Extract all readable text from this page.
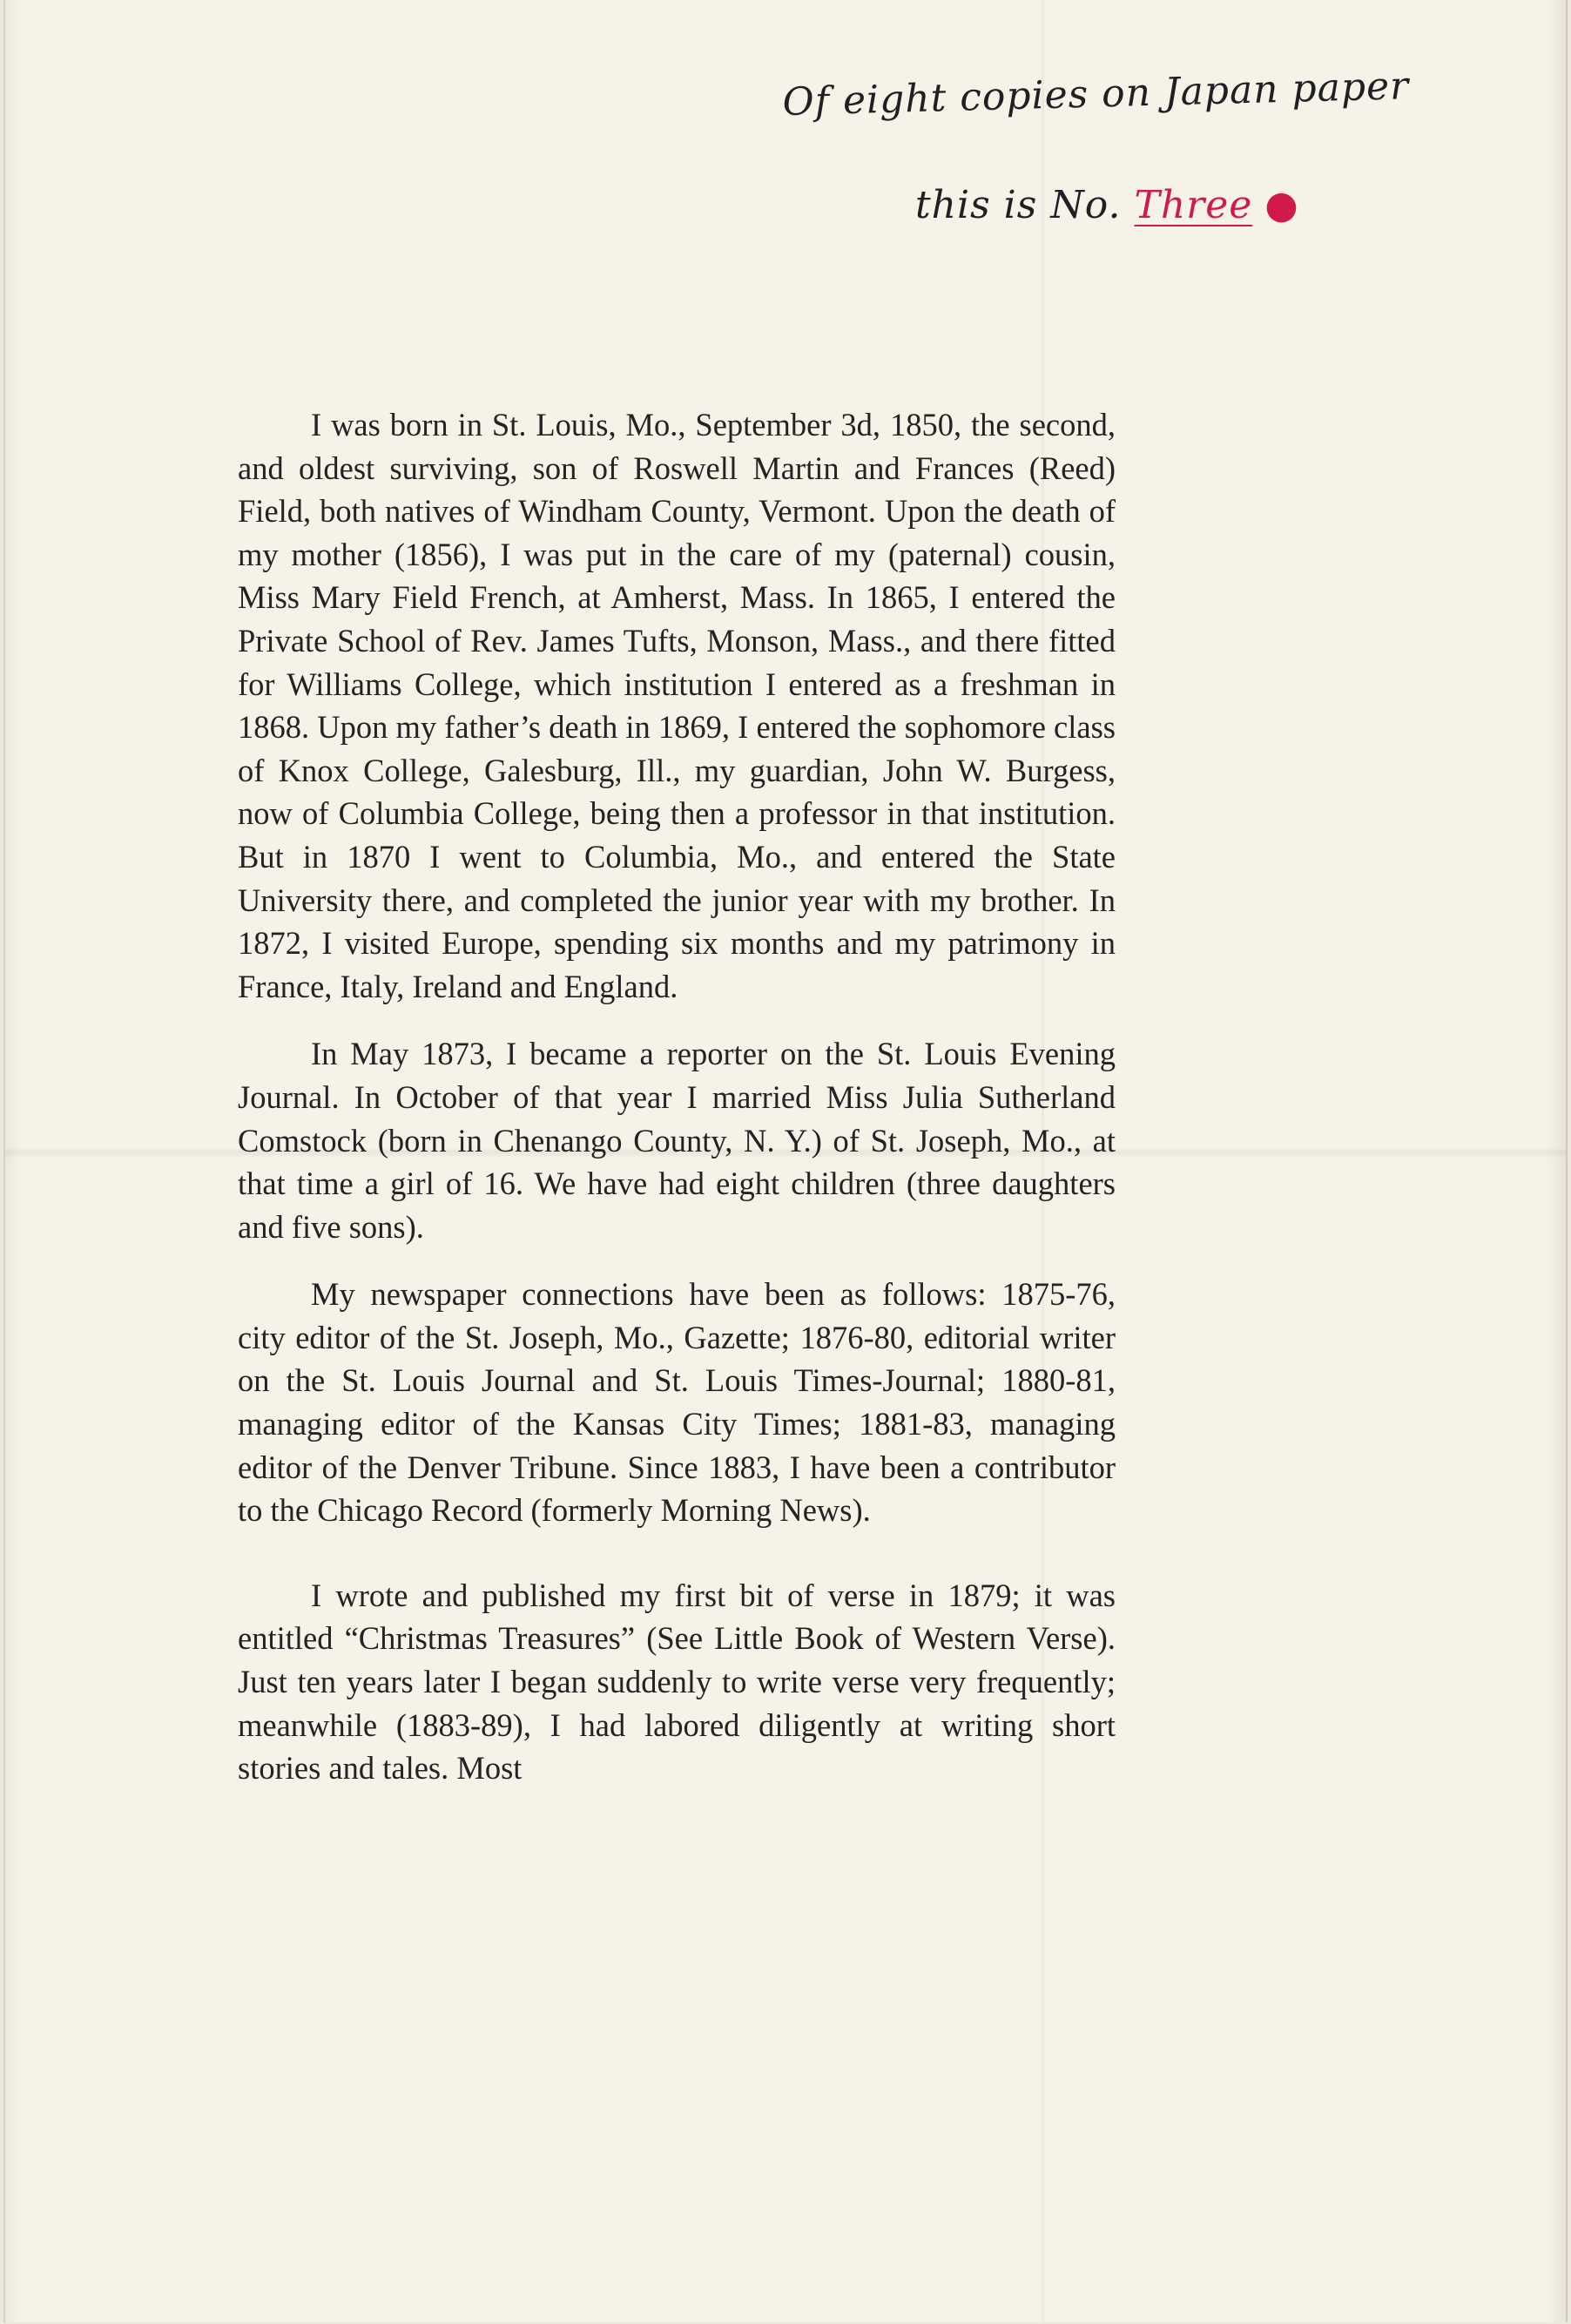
Of eight copies on Japan paper
this is No. Three ●

I was born in St. Louis, Mo., September 3d, 1850, the second, and oldest surviving, son of Roswell Martin and Frances (Reed) Field, both natives of Windham County, Vermont. Upon the death of my mother (1856), I was put in the care of my (paternal) cousin, Miss Mary Field French, at Amherst, Mass. In 1865, I entered the Private School of Rev. James Tufts, Monson, Mass., and there fitted for Williams College, which institution I entered as a freshman in 1868. Upon my father’s death in 1869, I entered the sophomore class of Knox College, Galesburg, Ill., my guardian, John W. Burgess, now of Columbia College, being then a professor in that institution. But in 1870 I went to Columbia, Mo., and entered the State University there, and completed the junior year with my brother. In 1872, I visited Europe, spending six months and my patrimony in France, Italy, Ireland and England.

In May 1873, I became a reporter on the St. Louis Evening Journal. In October of that year I married Miss Julia Sutherland Comstock (born in Chenango County, N. Y.) of St. Joseph, Mo., at that time a girl of 16. We have had eight children (three daughters and five sons).

My newspaper connections have been as follows: 1875-76, city editor of the St. Joseph, Mo., Gazette; 1876-80, editorial writer on the St. Louis Journal and St. Louis Times-Journal; 1880-81, managing editor of the Kansas City Times; 1881-83, managing editor of the Denver Tribune. Since 1883, I have been a contributor to the Chicago Record (formerly Morning News).

I wrote and published my first bit of verse in 1879; it was entitled “Christmas Treasures” (See Little Book of Western Verse). Just ten years later I began suddenly to write verse very frequently; meanwhile (1883-89), I had labored diligently at writing short stories and tales. Most
